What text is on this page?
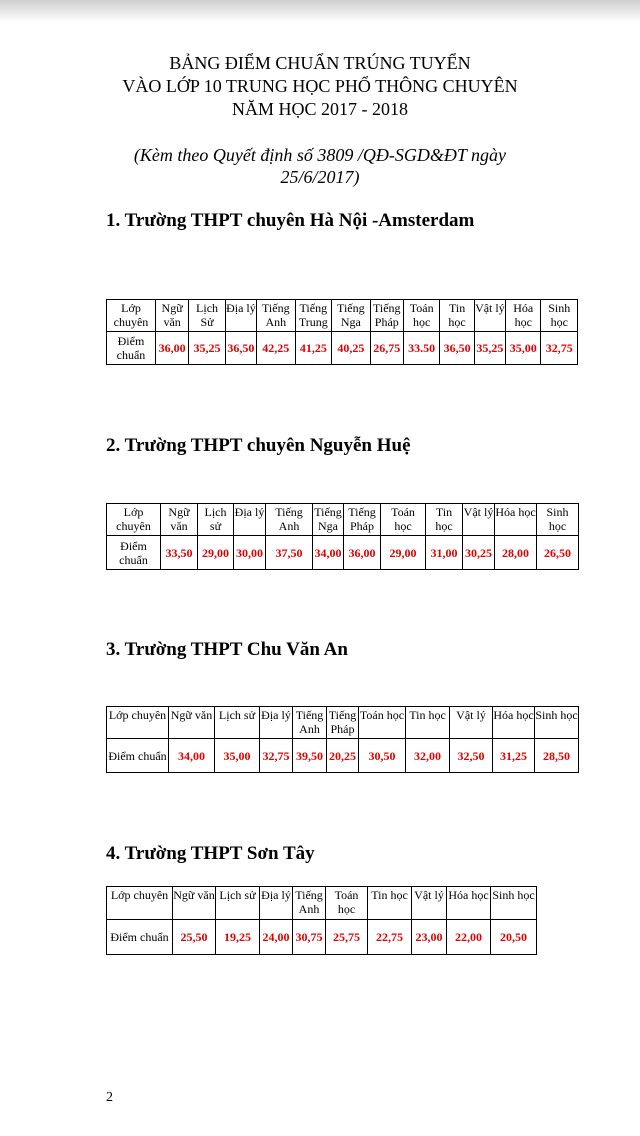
BẢNG ĐIỂM CHUẨN TRÚNG TUYỂN
VÀO LỚP 10 TRUNG HỌC PHỔ THÔNG CHUYÊN
NĂM HỌC 2017 - 2018
(Kèm theo Quyết định số 3809 /QĐ-SGD&ĐT ngày
25/6/2017)
1. Trường THPT chuyên Hà Nội -Amsterdam
Lớp chuyên	Ngữ văn	Lịch Sử	Địa lý	Tiếng Anh	Tiếng Trung	Tiếng Nga	Tiếng Pháp	Toán học	Tin học	Vật lý	Hóa học	Sinh học
Điểm chuẩn	36,00	35,25	36,50	42,25	41,25	40,25	26,75	33.50	36,50	35,25	35,00	32,75
2. Trường THPT chuyên Nguyễn Huệ
Lớp chuyên	Ngữ văn	Lịch sử	Địa lý	Tiếng Anh	Tiếng Nga	Tiếng Pháp	Toán học	Tin học	Vật lý	Hóa học	Sinh học
Điểm chuẩn	33,50	29,00	30,00	37,50	34,00	36,00	29,00	31,00	30,25	28,00	26,50
3. Trường THPT Chu Văn An
Lớp chuyên	Ngữ văn	Lịch sử	Địa lý	Tiếng Anh	Tiếng Pháp	Toán học	Tin học	Vật lý	Hóa học	Sinh học
Điểm chuẩn	34,00	35,00	32,75	39,50	20,25	30,50	32,00	32,50	31,25	28,50
4. Trường THPT Sơn Tây
Lớp chuyên	Ngữ văn	Lịch sử	Địa lý	Tiếng Anh	Toán học	Tin học	Vật lý	Hóa học	Sinh học
Điểm chuẩn	25,50	19,25	24,00	30,75	25,75	22,75	23,00	22,00	20,50
2
